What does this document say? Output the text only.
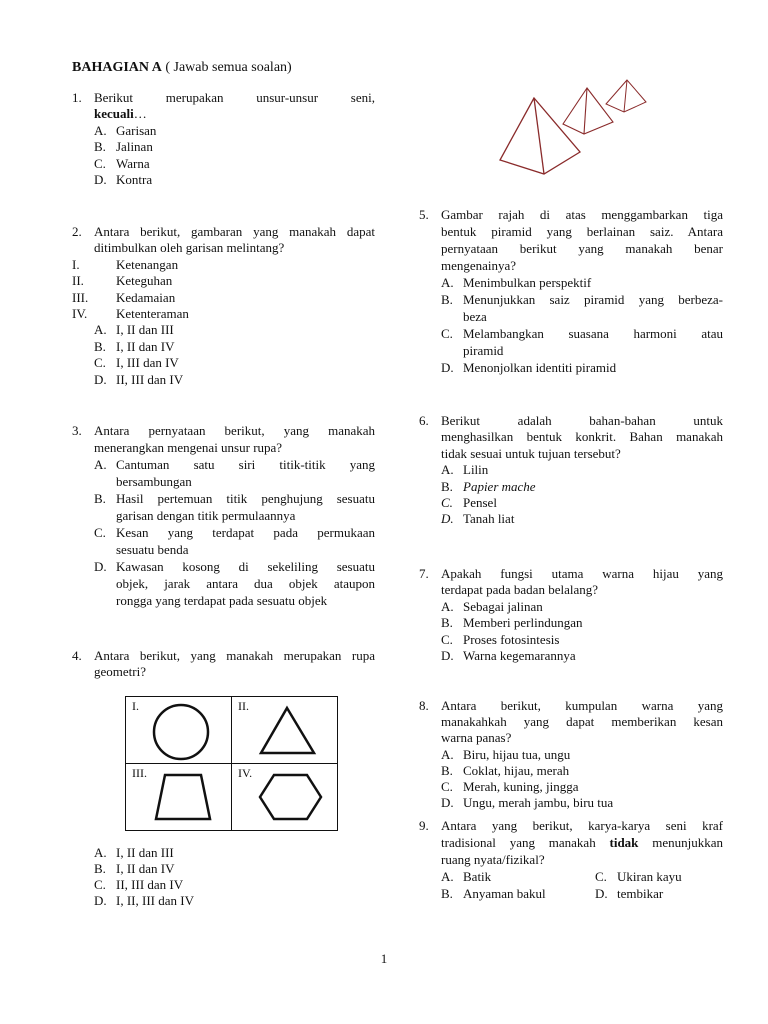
BAHAGIAN A ( Jawab semua soalan)
1. Berikut merupakan unsur-unsur seni,
kecuali…
A. Garisan
B. Jalinan
C. Warna
D. Kontra
2. Antara berikut, gambaran yang manakah dapat
ditimbulkan oleh garisan melintang?
I.	Ketenangan
II. Keteguhan
III. Kedamaian
IV. Ketenteraman
A. I, II dan III
B. I, II dan IV
C. I, III dan IV
D. II, III dan IV
3. Antara pernyataan berikut, yang manakah
menerangkan mengenai unsur rupa?
A. Cantuman satu siri titik-titik yang
bersambungan
B. Hasil pertemuan titik penghujung sesuatu
garisan dengan titik permulaannya
C. Kesan yang terdapat pada permukaan
sesuatu benda
D. Kawasan kosong di sekeliling sesuatu
objek, jarak antara dua objek ataupon
rongga yang terdapat pada sesuatu objek
4. Antara berikut, yang manakah merupakan rupa
geometri?
I.	II.

III.	IV.
A. I, II dan III
B. I, II dan IV
C. II, III dan IV
D. I, II, III dan IV
5. Gambar rajah di atas menggambarkan tiga
bentuk piramid yang berlainan saiz. Antara
pernyataan berikut yang manakah benar
mengenainya?
A. Menimbulkan perspektif
B. Menunjukkan saiz piramid yang berbeza-
beza
C. Melambangkan suasana harmoni atau
piramid
D. Menonjolkan identiti piramid
6. Berikut adalah bahan-bahan untuk
menghasilkan bentuk konkrit. Bahan manakah
tidak sesuai untuk tujuan tersebut?
A. Lilin
B. Papier mache
C. Pensel
D. Tanah liat
7. Apakah fungsi utama warna hijau yang
terdapat pada badan belalang?
A. Sebagai jalinan
B. Memberi perlindungan
C. Proses fotosintesis
D. Warna kegemarannya
8. Antara berikut, kumpulan warna yang
manakahkah yang dapat memberikan kesan
warna panas?
A. Biru, hijau tua, ungu
B. Coklat, hijau, merah
C. Merah, kuning, jingga
D. Ungu, merah jambu, biru tua
9. Antara yang berikut, karya-karya seni kraf
tradisional yang manakah tidak menunjukkan
ruang nyata/fizikal?
A. Batik	C. Ukiran kayu
B. Anyaman bakul	D. tembikar
1
